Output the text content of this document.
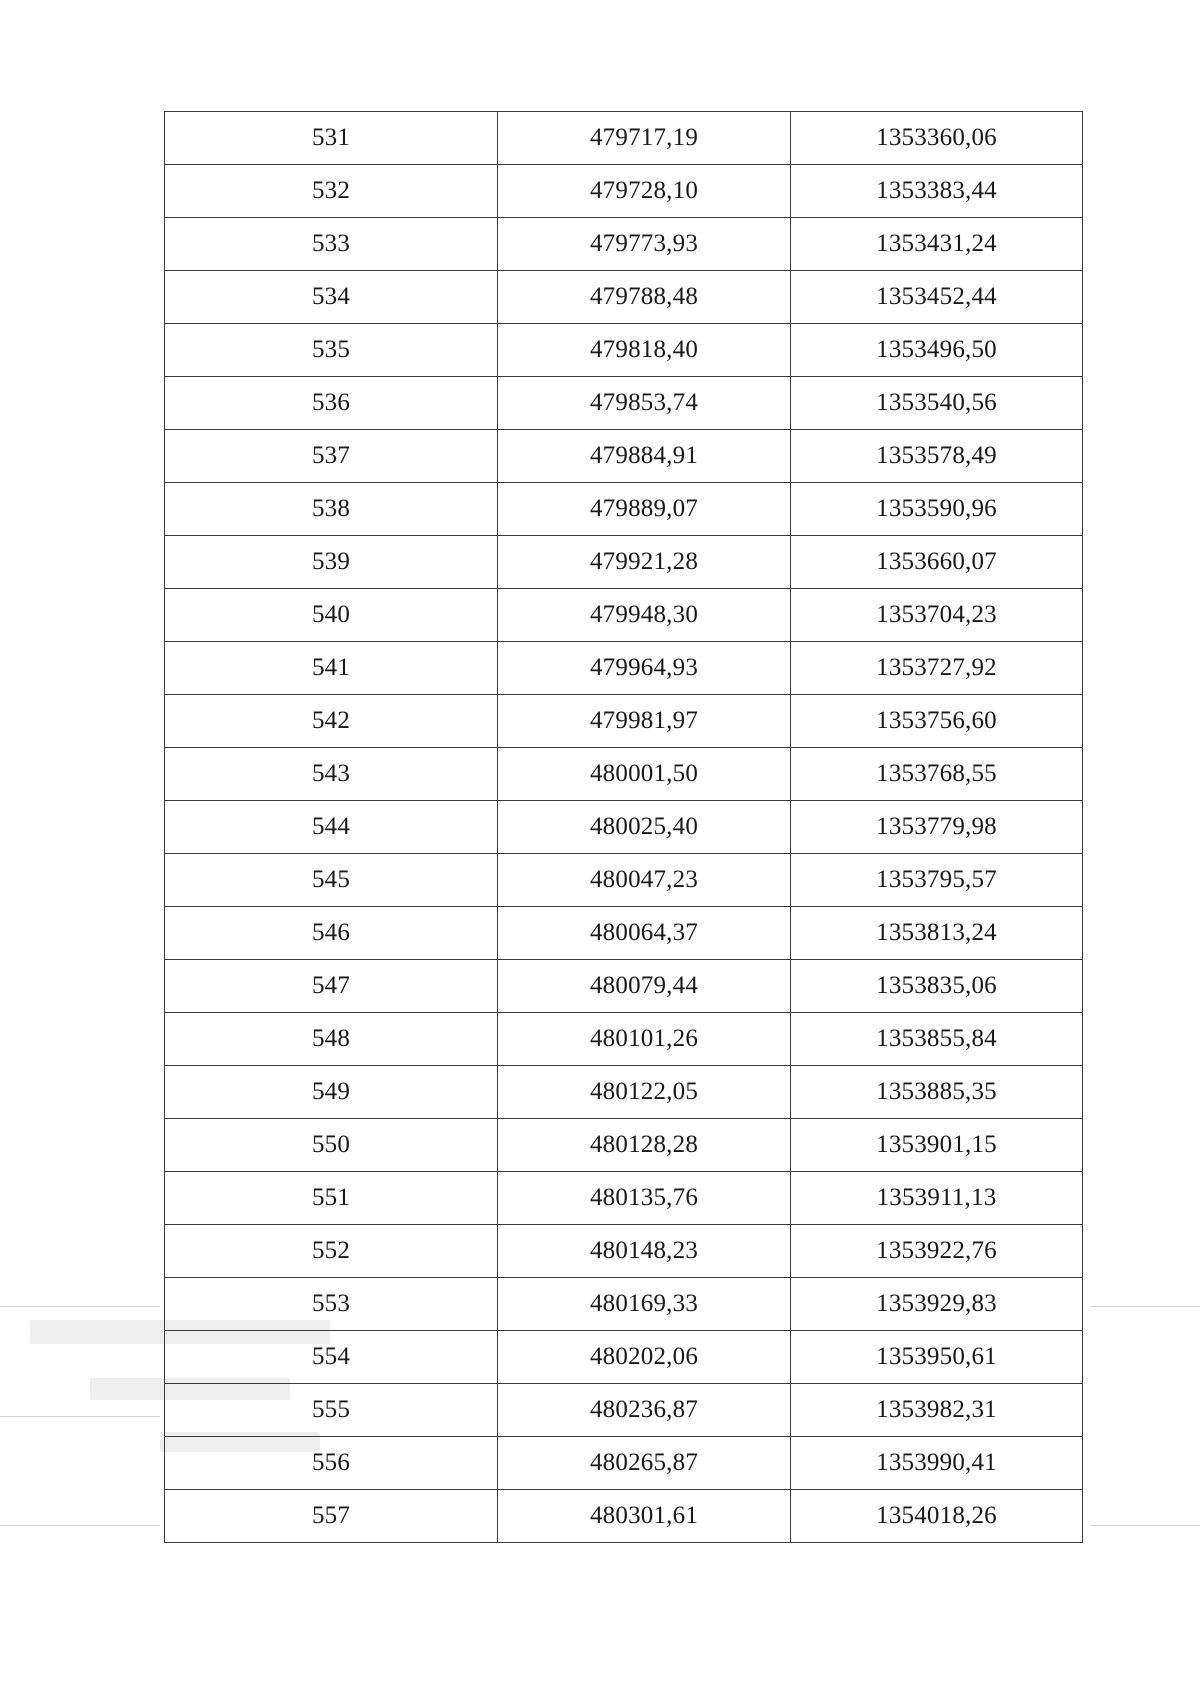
531	479717,19	1353360,06
532	479728,10	1353383,44
533	479773,93	1353431,24
534	479788,48	1353452,44
535	479818,40	1353496,50
536	479853,74	1353540,56
537	479884,91	1353578,49
538	479889,07	1353590,96
539	479921,28	1353660,07
540	479948,30	1353704,23
541	479964,93	1353727,92
542	479981,97	1353756,60
543	480001,50	1353768,55
544	480025,40	1353779,98
545	480047,23	1353795,57
546	480064,37	1353813,24
547	480079,44	1353835,06
548	480101,26	1353855,84
549	480122,05	1353885,35
550	480128,28	1353901,15
551	480135,76	1353911,13
552	480148,23	1353922,76
553	480169,33	1353929,83
554	480202,06	1353950,61
555	480236,87	1353982,31
556	480265,87	1353990,41
557	480301,61	1354018,26
